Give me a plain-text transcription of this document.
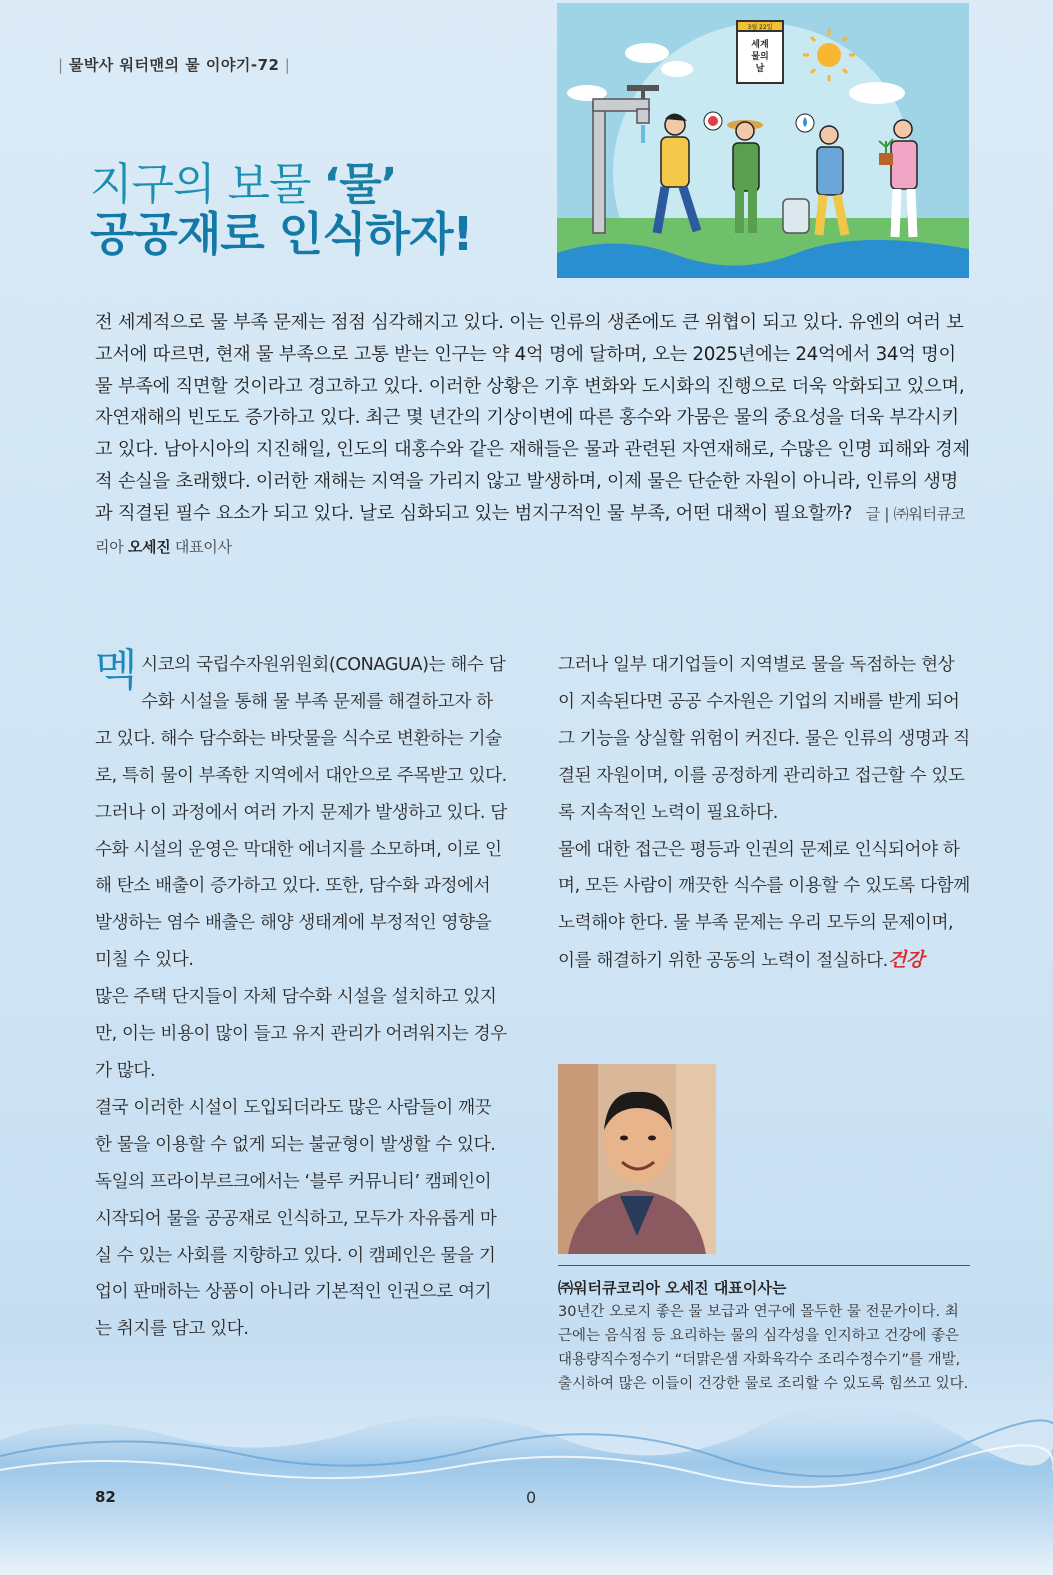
| 물박사 워터맨의 물 이야기-72 |
지구의 보물 ‘물’
공공재로 인식하자!
3월 22일
세계
물의
날
전 세계적으로 물 부족 문제는 점점 심각해지고 있다. 이는 인류의 생존에도 큰 위협이 되고 있다. 유엔의 여러 보고서에 따르면, 현재 물 부족으로 고통 받는 인구는 약 4억 명에 달하며, 오는 2025년에는 24억에서 34억 명이 물 부족에 직면할 것이라고 경고하고 있다. 이러한 상황은 기후 변화와 도시화의 진행으로 더욱 악화되고 있으며, 자연재해의 빈도도 증가하고 있다. 최근 몇 년간의 기상이변에 따른 홍수와 가뭄은 물의 중요성을 더욱 부각시키고 있다. 남아시아의 지진해일, 인도의 대홍수와 같은 재해들은 물과 관련된 자연재해로, 수많은 인명 피해와 경제적 손실을 초래했다. 이러한 재해는 지역을 가리지 않고 발생하며, 이제 물은 단순한 자원이 아니라, 인류의 생명과 직결된 필수 요소가 되고 있다. 날로 심화되고 있는 범지구적인 물 부족, 어떤 대책이 필요할까? 글 | ㈜워터큐코리아 오세진 대표이사

멕시코의 국립수자원위원회(CONAGUA)는 해수 담수화 시설을 통해 물 부족 문제를 해결하고자 하고 있다. 해수 담수화는 바닷물을 식수로 변환하는 기술로, 특히 물이 부족한 지역에서 대안으로 주목받고 있다.

그러나 이 과정에서 여러 가지 문제가 발생하고 있다. 담수화 시설의 운영은 막대한 에너지를 소모하며, 이로 인해 탄소 배출이 증가하고 있다. 또한, 담수화 과정에서 발생하는 염수 배출은 해양 생태계에 부정적인 영향을 미칠 수 있다.

많은 주택 단지들이 자체 담수화 시설을 설치하고 있지만, 이는 비용이 많이 들고 유지 관리가 어려워지는 경우가 많다.

결국 이러한 시설이 도입되더라도 많은 사람들이 깨끗한 물을 이용할 수 없게 되는 불균형이 발생할 수 있다.

독일의 프라이부르크에서는 ‘블루 커뮤니티’ 캠페인이 시작되어 물을 공공재로 인식하고, 모두가 자유롭게 마실 수 있는 사회를 지향하고 있다. 이 캠페인은 물을 기업이 판매하는 상품이 아니라 기본적인 인권으로 여기는 취지를 담고 있다.

그러나 일부 대기업들이 지역별로 물을 독점하는 현상이 지속된다면 공공 수자원은 기업의 지배를 받게 되어 그 기능을 상실할 위험이 커진다. 물은 인류의 생명과 직결된 자원이며, 이를 공정하게 관리하고 접근할 수 있도록 지속적인 노력이 필요하다.

물에 대한 접근은 평등과 인권의 문제로 인식되어야 하며, 모든 사람이 깨끗한 식수를 이용할 수 있도록 다함께 노력해야 한다. 물 부족 문제는 우리 모두의 문제이며, 이를 해결하기 위한 공동의 노력이 절실하다.건강

㈜워터큐코리아 오세진 대표이사는
30년간 오로지 좋은 물 보급과 연구에 몰두한 물 전문가이다. 최근에는 음식점 등 요리하는 물의 심각성을 인지하고 건강에 좋은 대용량직수정수기 “더맑은샘 자화육각수 조리수정수기”를 개발, 출시하여 많은 이들이 건강한 물로 조리할 수 있도록 힘쓰고 있다.
82	0
